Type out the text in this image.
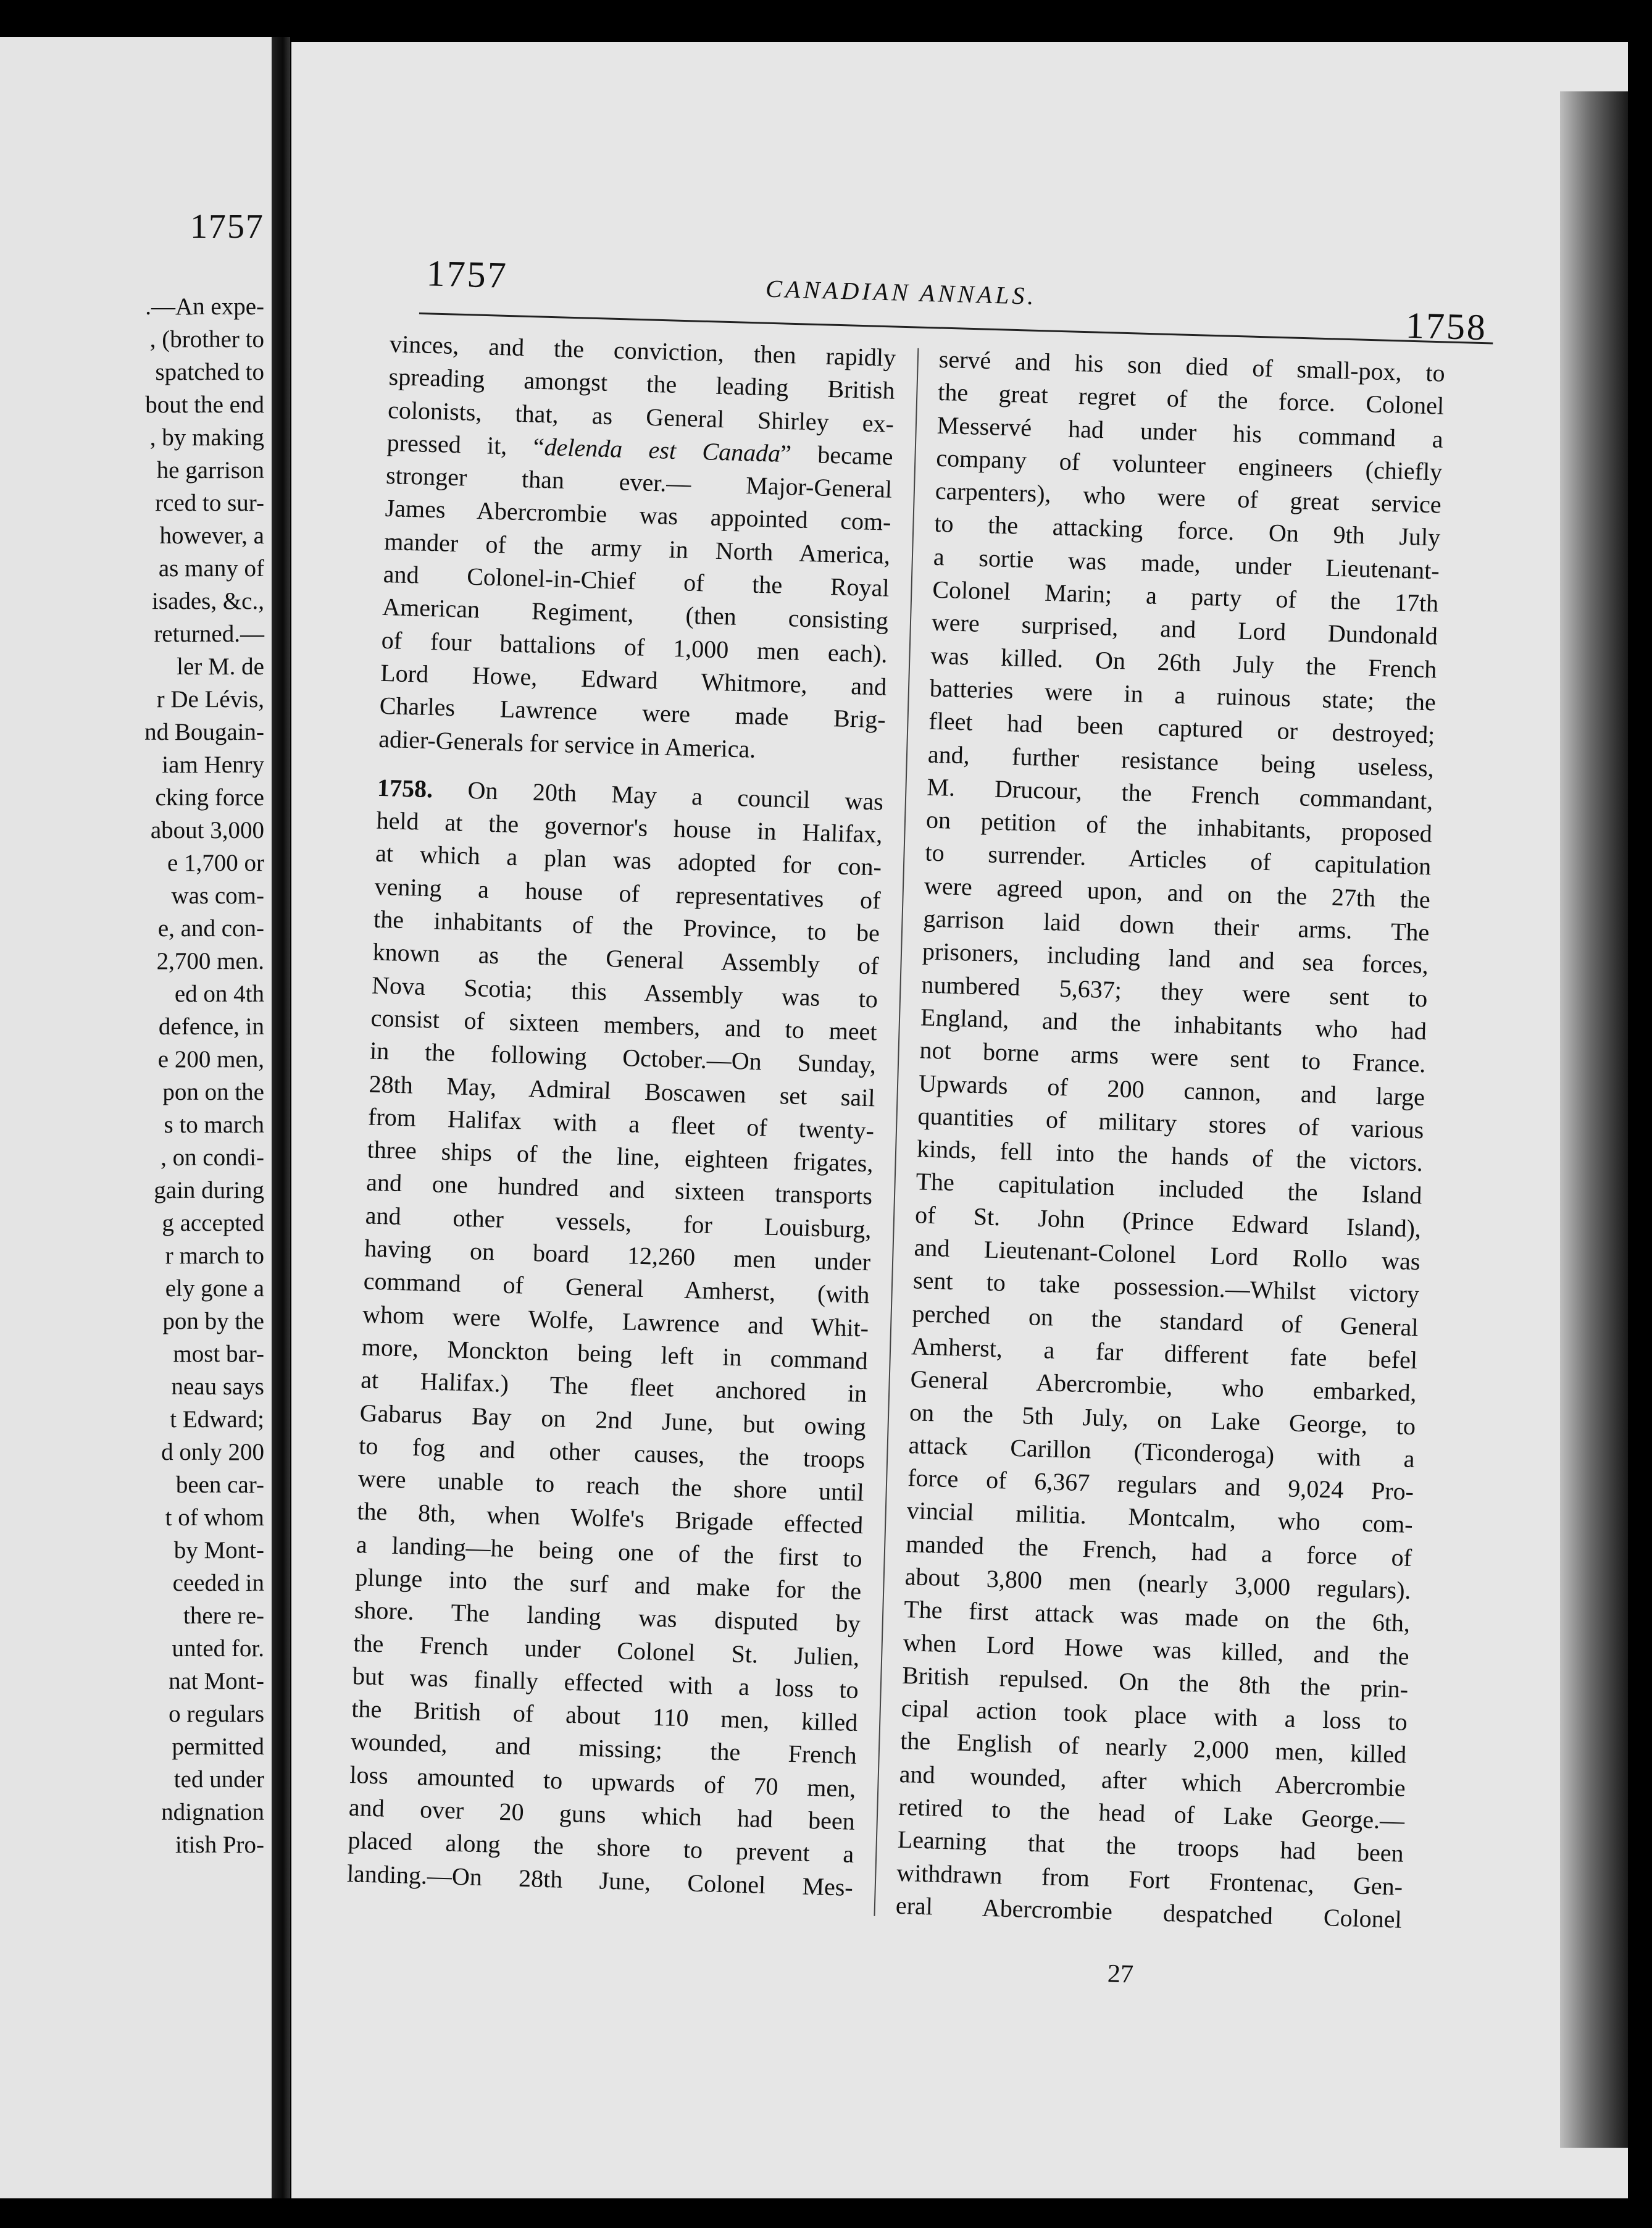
1757
.—An expe-
, (brother to
spatched to
bout the end
, by making
he garrison
rced to sur-
however, a
as many of
isades, &c.,
returned.—
ler M. de
r De Lévis,
nd Bougain-
iam Henry
cking force
about 3,000
e 1,700 or
was com-
e, and con-
2,700 men.
ed on 4th
defence, in
e 200 men,
pon on the
s to march
, on condi-
gain during
g accepted
r march to
ely gone a
pon by the
most bar-
neau says
t Edward;
d only 200
been car-
t of whom
by Mont-
ceeded in
there re-
unted for.
nat Mont-
o regulars
permitted
ted under
ndignation
itish Pro-
1757	CANADIAN ANNALS.
1758
vinces, and the conviction, then rapidly
spreading amongst the leading British
colonists, that, as General Shirley ex-
pressed it, “delenda est Canada” became
stronger than ever.— Major-General
James Abercrombie was appointed com-
mander of the army in North America,
and Colonel-in-Chief of the Royal
American Regiment, (then consisting
of four battalions of 1,000 men each).
Lord Howe, Edward Whitmore, and
Charles Lawrence were made Brig-
adier-Generals for service in America.
1758. On 20th May a council was
held at the governor's house in Halifax,
at which a plan was adopted for con-
vening a house of representatives of
the inhabitants of the Province, to be
known as the General Assembly of
Nova Scotia; this Assembly was to
consist of sixteen members, and to meet
in the following October.—On Sunday,
28th May, Admiral Boscawen set sail
from Halifax with a fleet of twenty-
three ships of the line, eighteen frigates,
and one hundred and sixteen transports
and other vessels, for Louisburg,
having on board 12,260 men under
command of General Amherst, (with
whom were Wolfe, Lawrence and Whit-
more, Monckton being left in command
at Halifax.) The fleet anchored in
Gabarus Bay on 2nd June, but owing
to fog and other causes, the troops
were unable to reach the shore until
the 8th, when Wolfe's Brigade effected
a landing—he being one of the first to
plunge into the surf and make for the
shore. The landing was disputed by
the French under Colonel St. Julien,
but was finally effected with a loss to
the British of about 110 men, killed
wounded, and missing; the French
loss amounted to upwards of 70 men,
and over 20 guns which had been
placed along the shore to prevent a
landing.—On 28th June, Colonel Mes-
servé and his son died of small-pox, to
the great regret of the force. Colonel
Messervé had under his command a
company of volunteer engineers (chiefly
carpenters), who were of great service
to the attacking force. On 9th July
a sortie was made, under Lieutenant-
Colonel Marin; a party of the 17th
were surprised, and Lord Dundonald
was killed. On 26th July the French
batteries were in a ruinous state; the
fleet had been captured or destroyed;
and, further resistance being useless,
M. Drucour, the French commandant,
on petition of the inhabitants, proposed
to surrender. Articles of capitulation
were agreed upon, and on the 27th the
garrison laid down their arms. The
prisoners, including land and sea forces,
numbered 5,637; they were sent to
England, and the inhabitants who had
not borne arms were sent to France.
Upwards of 200 cannon, and large
quantities of military stores of various
kinds, fell into the hands of the victors.
The capitulation included the Island
of St. John (Prince Edward Island),
and Lieutenant-Colonel Lord Rollo was
sent to take possession.—Whilst victory
perched on the standard of General
Amherst, a far different fate befel
General Abercrombie, who embarked,
on the 5th July, on Lake George, to
attack Carillon (Ticonderoga) with a
force of 6,367 regulars and 9,024 Pro-
vincial militia. Montcalm, who com-
manded the French, had a force of
about 3,800 men (nearly 3,000 regulars).
The first attack was made on the 6th,
when Lord Howe was killed, and the
British repulsed. On the 8th the prin-
cipal action took place with a loss to
the English of nearly 2,000 men, killed
and wounded, after which Abercrombie
retired to the head of Lake George.—
Learning that the troops had been
withdrawn from Fort Frontenac, Gen-
eral Abercrombie despatched Colonel
27
